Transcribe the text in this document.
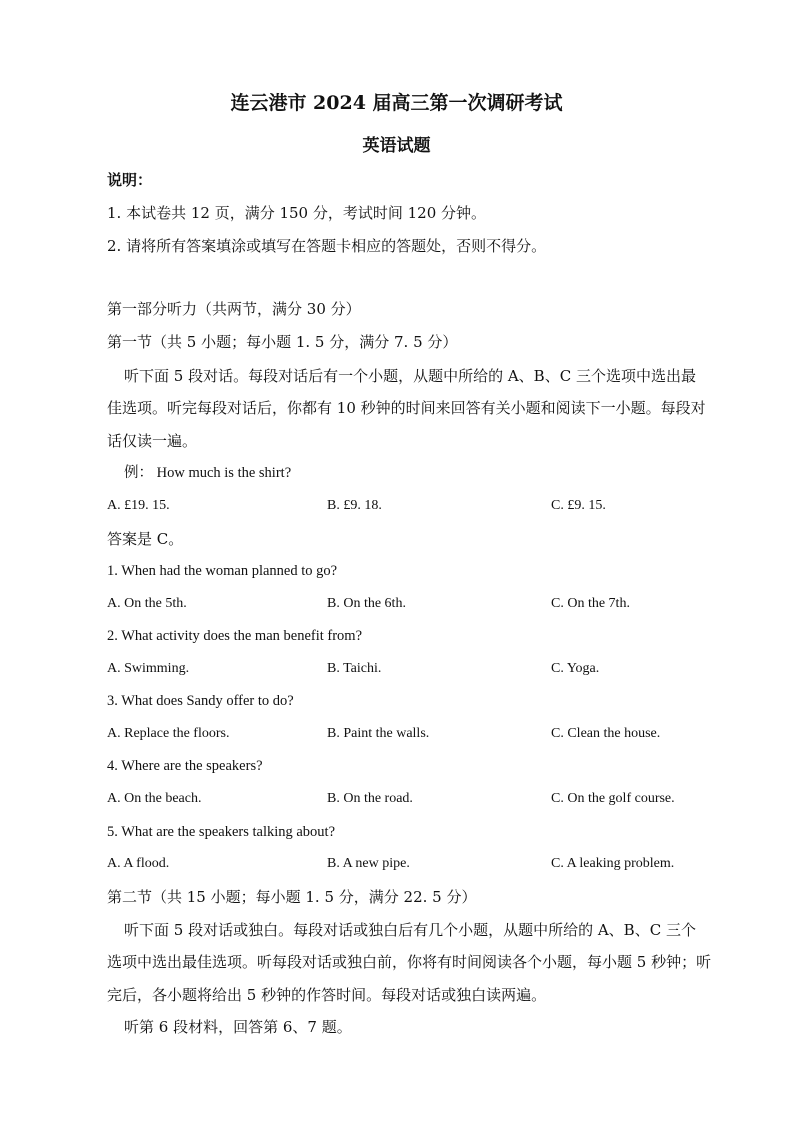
连云港市 2024 届高三第一次调研考试
英语试题
说明：
1. 本试卷共 12 页，满分 150 分，考试时间 120 分钟。
2. 请将所有答案填涂或填写在答题卡相应的答题处，否则不得分。
第一部分听力（共两节，满分 30 分）
第一节（共 5 小题；每小题 1. 5 分，满分 7. 5 分）
听下面 5 段对话。每段对话后有一个小题，从题中所给的 A、B、C 三个选项中选出最
佳选项。听完每段对话后，你都有 10 秒钟的时间来回答有关小题和阅读下一小题。每段对
话仅读一遍。
例： How much is the shirt?
A. £19. 15.	B. £9. 18.	C. £9. 15.
答案是 C。
1. When had the woman planned to go?
A. On the 5th.	B. On the 6th.	C. On the 7th.
2. What activity does the man benefit from?
A. Swimming.	B. Taichi.	C. Yoga.
3. What does Sandy offer to do?
A. Replace the floors.	B. Paint the walls.	C. Clean the house.
4. Where are the speakers?
A. On the beach.	B. On the road.	C. On the golf course.
5. What are the speakers talking about?
A. A flood.	B. A new pipe.	C. A leaking problem.
第二节（共 15 小题；每小题 1. 5 分，满分 22. 5 分）
听下面 5 段对话或独白。每段对话或独白后有几个小题，从题中所给的 A、B、C 三个
选项中选出最佳选项。听每段对话或独白前，你将有时间阅读各个小题，每小题 5 秒钟；听
完后，各小题将给出 5 秒钟的作答时间。每段对话或独白读两遍。
听第 6 段材料，回答第 6、7 题。
